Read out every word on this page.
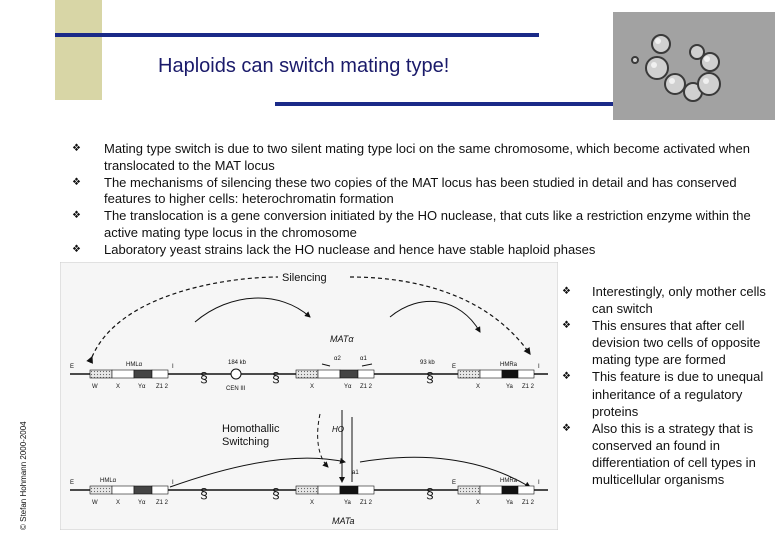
Haploids can switch mating type!
© Stefan Hohmann 2000-2004
❖ Mating type switch is due to two silent mating type loci on the same chromosome, which become activated when translocated to the MAT locus
❖ The mechanisms of silencing these two copies of the MAT locus has been studied in detail and has conserved features to higher cells: heterochromatin formation
❖ The translocation is a gene conversion initiated by the HO nuclease, that cuts like a restriction enzyme within the active mating type locus in the chromosome
❖ Laboratory yeast strains lack the HO nuclease and hence have stable haploid phases
❖ Interestingly, only mother cells can switch
❖ This ensures that after cell devision two cells of opposite mating type are formed
❖ This feature is due to unequal inheritance of a regulatory proteins
❖ Also this is a strategy that is conserved an found in differentiation of cell types in multicellular organisms
Silencing
E	HMLα	I
W	X	Yα Z1 2
§
184 kb
CEN III
§
MATα
α2	α1
X	Yα Z1 2
93 kb
§
E	HMRa	I
X	Ya Z1 2
Homothallic
Switching
HO
E	HMLα	I
W	X	Yα Z1 2
§	§
a1
X	Ya Z1 2
§
E	HMRa	I
X	Ya Z1 2
MATa
